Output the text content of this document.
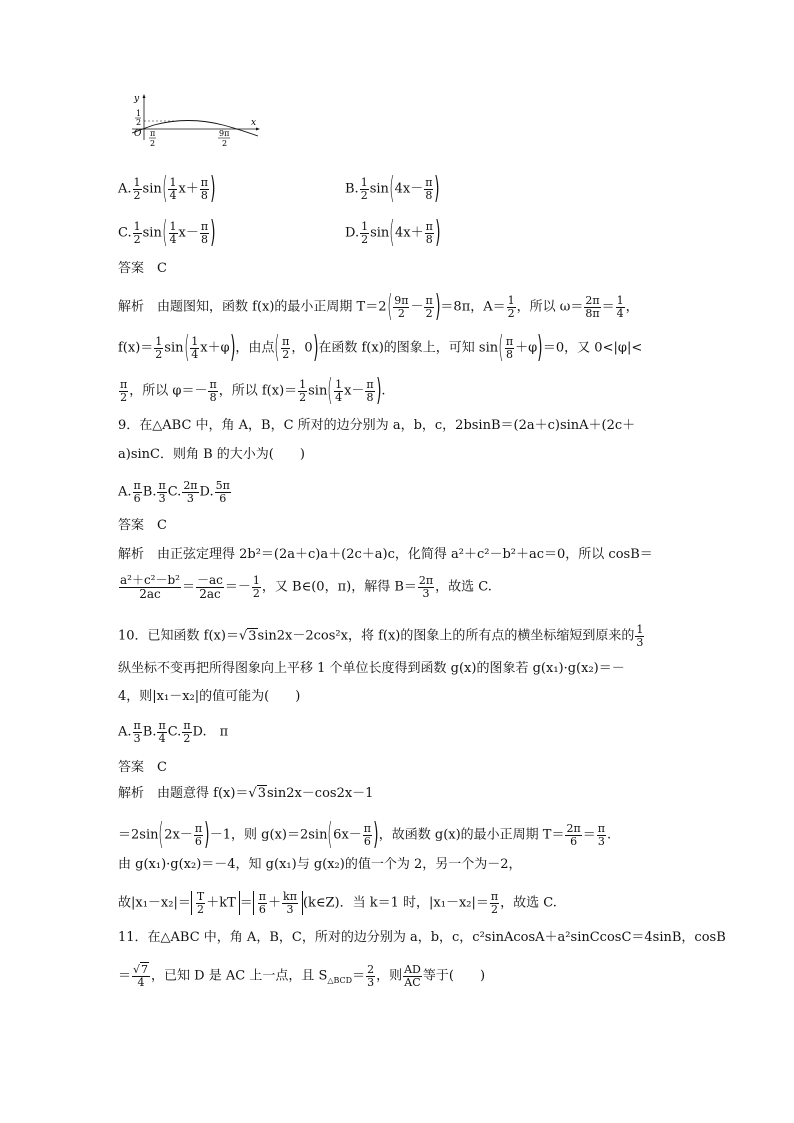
y
x
1
2
O π
2
9π
2
A. $\frac{1}{2} \sin( \frac{1}{4} x+ \frac{\pi}{8}$ )	B. $\frac{1}{2} \sin(4x- \frac{\pi}{8}$ )
C. $\frac{1}{2} \sin( \frac{1}{4} x- \frac{\pi}{8}$ )	D. $\frac{1}{2} \sin(4x+ \frac{\pi}{8}$ )
答案　C
解析　由题图知，函数 f(x)的最小正周期 $T=2( \frac{9\pi}{2} - \frac{\pi}{2} )=8\pi$，$A= \frac{1}{2}$ ，所以 $\omega= \frac{2\pi}{8\pi} = \frac{1}{4}$ ，
$f(x)= \frac{1}{2} \sin( \frac{1}{4} x+\varphi)$，由点( $\frac{\pi}{2}$ ，0)在函数 f(x)的图象上，可知 $\sin( \frac{\pi}{8} +\varphi)=0$，又 0<|φ|<
$\frac{\pi}{2}$ ，所以 $\varphi=- \frac{\pi}{8}$ ，所以 $f(x)= \frac{1}{2} \sin( \frac{1}{4} x- \frac{\pi}{8}$ ).
9．在△ABC 中，角 A，B，C 所对的边分别为 a，b，c，2bsinB＝(2a＋c)sinA＋(2c＋
a)sinC．则角 B 的大小为(　　)
A. $\frac{\pi}{6} B$. $\frac{\pi}{3} C$. $\frac{2\pi}{3} D$. $\frac{5\pi}{6}$
答案　C
解析　由正弦定理得 2b²＝(2a＋c)a＋(2c＋a)c，化简得 a²＋c²－b²＋ac＝0，所以 cosB＝
$\frac{\text{a²＋c²－b²}}{2ac} = \frac{-ac}{2ac} =- \frac{1}{2}$ ，又 B∈(0，π)，解得 $B= \frac{2\pi}{3}$ ，故选 C.
10．已知函数 f(x)＝√3sin2x－2cos²x，将 f(x)的图象上的所有点的横坐标缩短到原来的 $\frac{1}{3}$
纵坐标不变再把所得图象向上平移 1 个单位长度得到函数 g(x)的图象若 g(x₁)·g(x₂)＝－
4，则|x₁－x₂|的值可能为(　　)
A. $\frac{\pi}{3} B$. $\frac{\pi}{4} C$. $\frac{\pi}{2} D$.　π
答案　C
解析　由题意得 f(x)＝√3sin2x－cos2x－1
$=2\sin(2x- \frac{\pi}{6} )-1$，则 $g(x)=2\sin(6x- \frac{\pi}{6}$ )，故函数 g(x)的最小正周期 $T= \frac{2\pi}{6} = \frac{\pi}{3}$ .
由 g(x₁)·g(x₂)＝－4，知 g(x₁)与 g(x₂)的值一个为 2，另一个为－2，
故$|x_1-x_2|= \frac{T}{2} +kT = \frac{\pi}{6} + \frac{k\pi}{3}$ (k∈Z)．当 k＝1 时，$|x_1-x_2|= \frac{\pi}{2}$ ，故选 C.
11．在△ABC 中，角 A，B，C，所对的边分别为 a，b，c，c²sinAcosA＋a²sinCcosC＝4sinB，cosB
＝ $\frac{√7}{4}$ ，已知 D 是 AC 上一点，且 $S_{\triangle BCD}= \frac{2}{3}$ ，则 $\frac{AD}{AC}$ 等于(　　)
